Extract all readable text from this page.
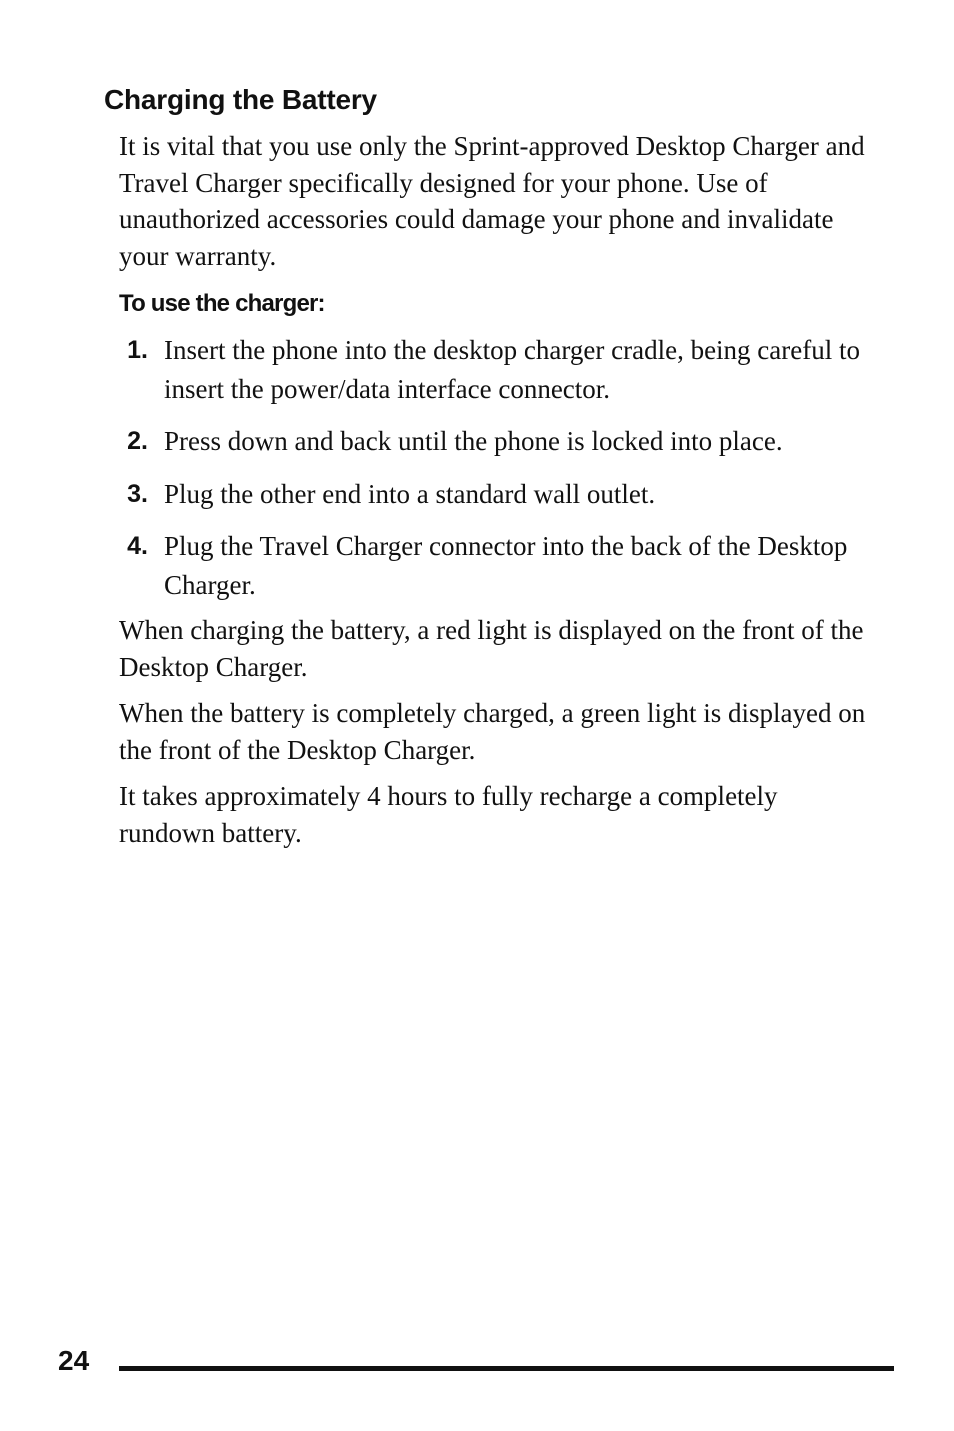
Charging the Battery

It is vital that you use only the Sprint-approved Desktop Charger and Travel Charger specifically designed for your phone. Use of unauthorized accessories could damage your phone and invalidate your warranty.

To use the charger:

1. Insert the phone into the desktop charger cradle, being careful to insert the power/data interface connector.
2. Press down and back until the phone is locked into place.
3. Plug the other end into a standard wall outlet.
4. Plug the Travel Charger connector into the back of the Desktop Charger.

When charging the battery, a red light is displayed on the front of the Desktop Charger.

When the battery is completely charged, a green light is displayed on the front of the Desktop Charger.

It takes approximately 4 hours to fully recharge a completely rundown battery.

24
